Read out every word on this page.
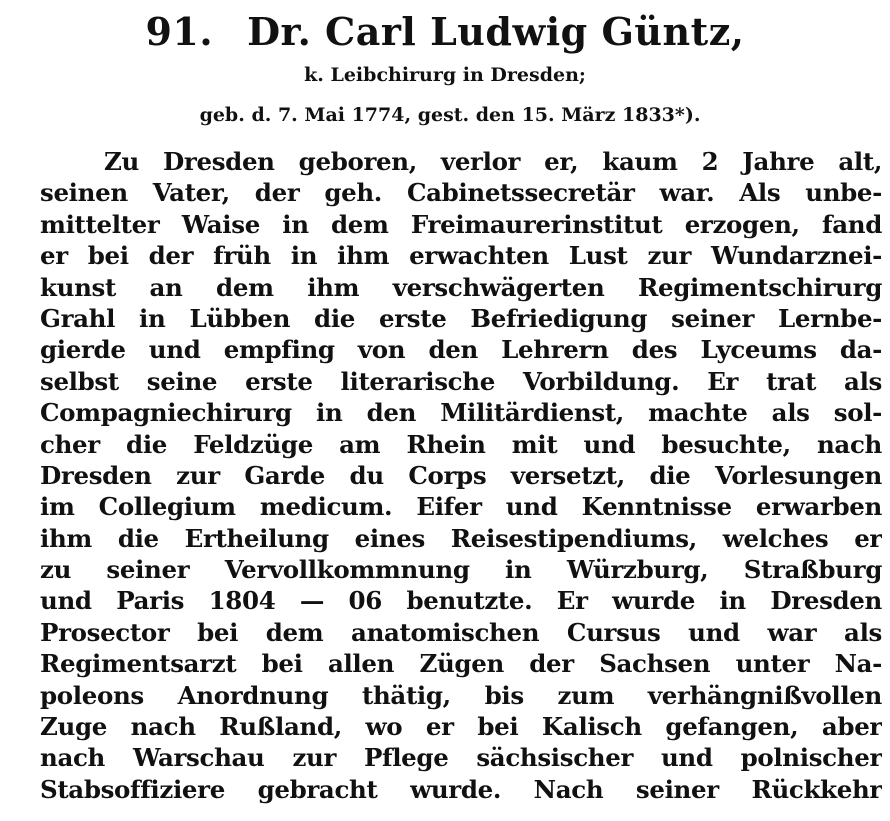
91. Dr. Carl Ludwig Güntz,
k. Leibchirurg in Dresden;
geb. d. 7. Mai 1774, gest. den 15. März 1833*).
Zu Dresden geboren, verlor er, kaum 2 Jahre alt,
seinen Vater, der geh. Cabinetssecretär war. Als unbe-
mittelter Waise in dem Freimaurerinstitut erzogen, fand
er bei der früh in ihm erwachten Lust zur Wundarznei-
kunst an dem ihm verschwägerten Regimentschirurg
Grahl in Lübben die erste Befriedigung seiner Lernbe-
gierde und empfing von den Lehrern des Lyceums da-
selbst seine erste literarische Vorbildung. Er trat als
Compagniechirurg in den Militärdienst, machte als sol-
cher die Feldzüge am Rhein mit und besuchte, nach
Dresden zur Garde du Corps versetzt, die Vorlesungen
im Collegium medicum. Eifer und Kenntnisse erwarben
ihm die Ertheilung eines Reisestipendiums, welches er
zu seiner Vervollkommnung in Würzburg, Straßburg
und Paris 1804 — 06 benutzte. Er wurde in Dresden
Prosector bei dem anatomischen Cursus und war als
Regimentsarzt bei allen Zügen der Sachsen unter Na-
poleons Anordnung thätig, bis zum verhängnißvollen
Zuge nach Rußland, wo er bei Kalisch gefangen, aber
nach Warschau zur Pflege sächsischer und polnischer
Stabsoffiziere gebracht wurde. Nach seiner Rückkehr
